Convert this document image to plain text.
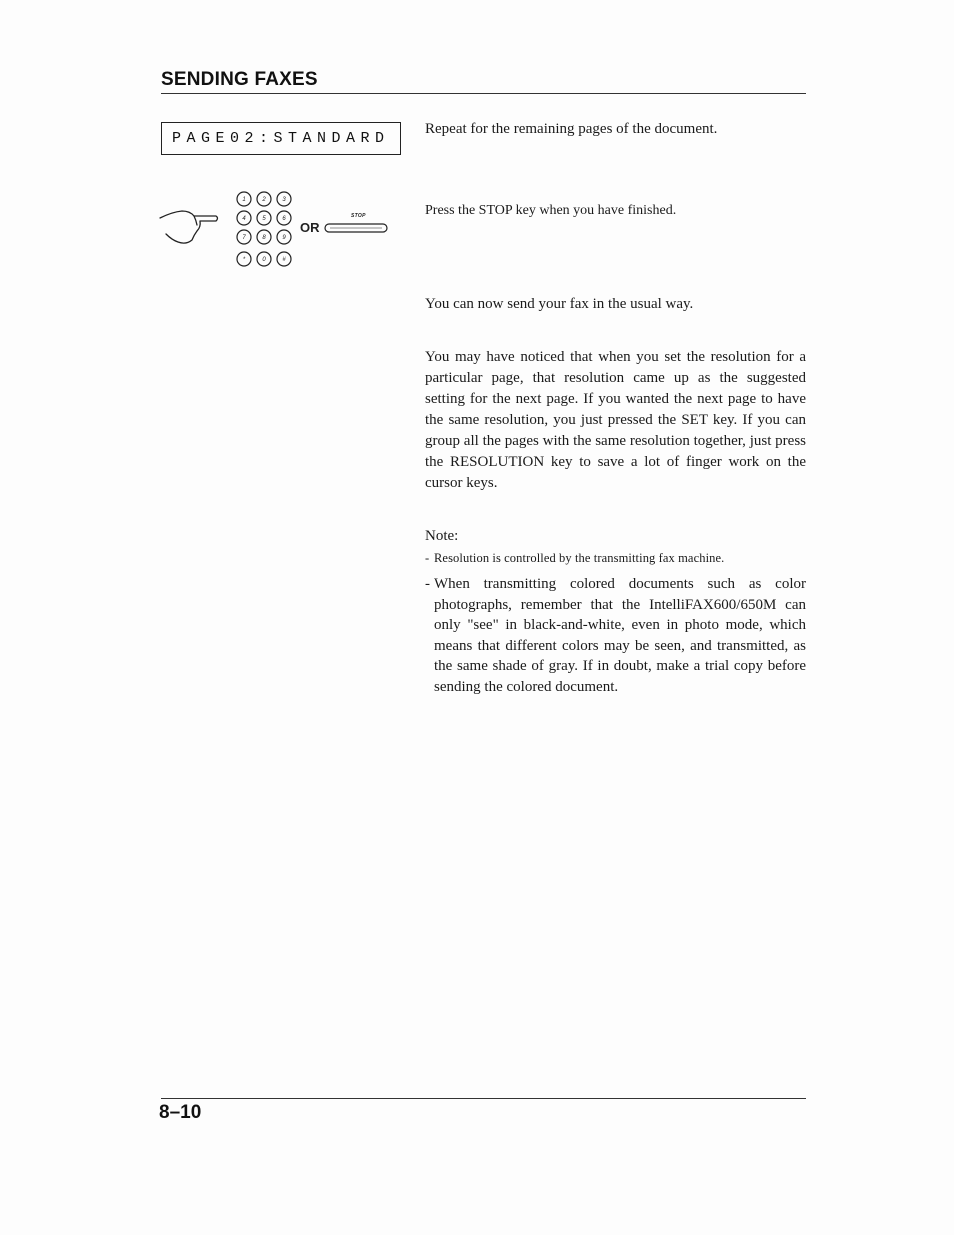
SENDING FAXES
PAGE02:STANDARD
1	2	3
4	5	6
7	8	9
*	0	#
STOP
OR
Repeat for the remaining pages of the document.
Press the STOP key when you have finished.
You can now send your fax in the usual way.
You may have noticed that when you set the resolution for a particular page, that resolution came up as the suggested setting for the next page. If you wanted the next page to have the same resolution, you just pressed the SET key. If you can group all the pages with the same resolution together, just press the RESOLUTION key to save a lot of finger work on the cursor keys.
Note:
- Resolution is controlled by the transmitting fax machine.
- When transmitting colored documents such as color photographs, remember that the IntelliFAX600/650M can only "see" in black-and-white, even in photo mode, which means that different colors may be seen, and transmitted, as the same shade of gray. If in doubt, make a trial copy before sending the colored document.
8–10
